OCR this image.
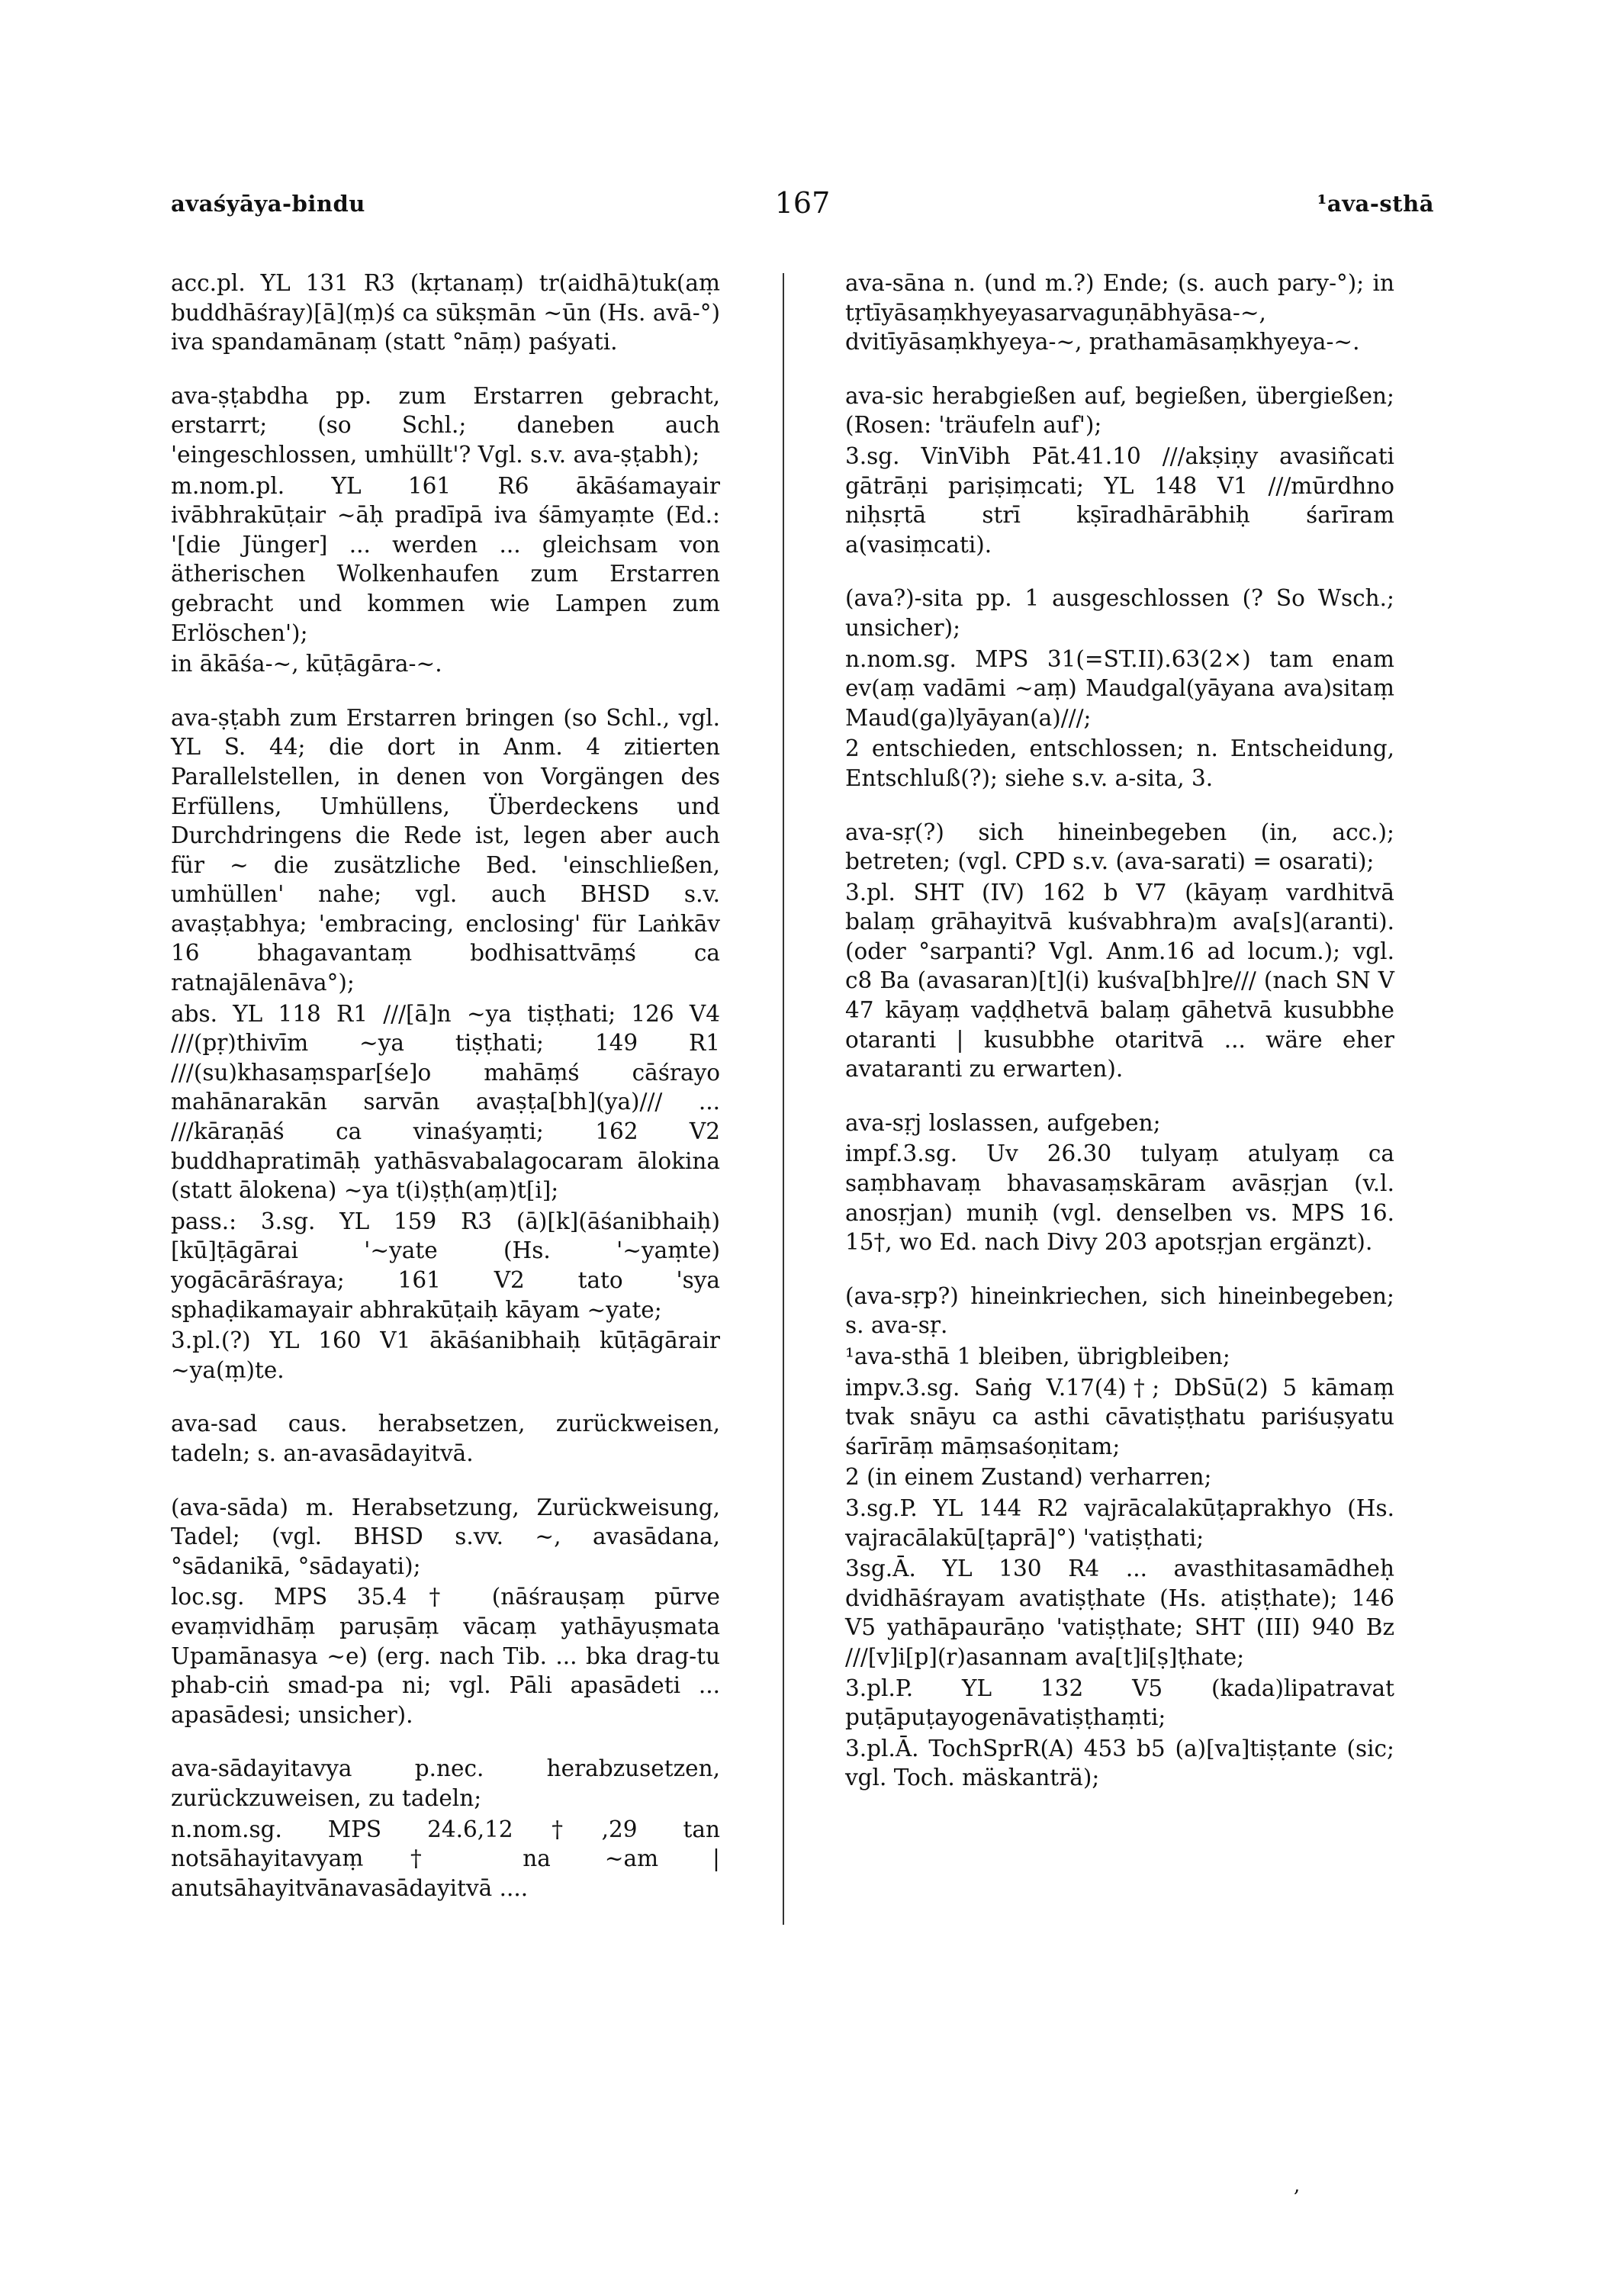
avaśyāya-bindu	167	¹ava-sthā

acc.pl. YL 131 R3 (kṛtanaṃ) tr(aidhā)tuk(aṃ buddhāśray)[ā](ṃ)ś ca sūkṣmān ~ūn (Hs. avā-°) iva spandamānaṃ (statt °nāṃ) paśyati.

ava-ṣṭabdha pp. zum Erstarren gebracht, erstarrt; (so Schl.; daneben auch 'eingeschlossen, umhüllt'? Vgl. s.v. ava-ṣṭabh);

m.nom.pl. YL 161 R6 ākāśamayair ivābhrakūṭair ~āḥ pradīpā iva śāmyaṃte (Ed.: '[die Jünger] ... werden ... gleichsam von ätherischen Wolkenhaufen zum Erstarren gebracht und kommen wie Lampen zum Erlöschen');

in ākāśa-~, kūṭāgāra-~.

ava-ṣṭabh zum Erstarren bringen (so Schl., vgl. YL S. 44; die dort in Anm. 4 zitierten Parallelstellen, in denen von Vorgängen des Erfüllens, Umhüllens, Überdeckens und Durchdringens die Rede ist, legen aber auch für ~ die zusätzliche Bed. 'einschließen, umhüllen' nahe; vgl. auch BHSD s.v. avaṣṭabhya; 'embracing, enclosing' für Laṅkāv 16 bhagavantaṃ bodhisattvāṃś ca ratnajālenāva°);

abs. YL 118 R1 ///[ā]n ~ya tiṣṭhati; 126 V4 ///(pṛ)thivīm ~ya tiṣṭhati; 149 R1 ///(su)khasaṃspar[śe]o mahāṃś cāśrayo mahānarakān sarvān avaṣṭa[bh](ya)/// ... ///kāraṇāś ca vinaśyaṃti; 162 V2 buddhapratimāḥ yathāsvabalagocaram ālokina (statt ālokena) ~ya t(i)ṣṭh(aṃ)t[i];

pass.: 3.sg. YL 159 R3 (ā)[k](āśanibhaiḥ) [kū]ṭāgārai '~yate (Hs. '~yaṃte) yogācārāśraya; 161 V2 tato 'sya sphaḍikamayair abhrakūṭaiḥ kāyam ~yate;

3.pl.(?) YL 160 V1 ākāśanibhaiḥ kūṭāgārair ~ya(ṃ)te.

ava-sad caus. herabsetzen, zurückweisen, tadeln; s. an-avasādayitvā.

(ava-sāda) m. Herabsetzung, Zurückweisung, Tadel; (vgl. BHSD s.vv. ~, avasādana, °sādanikā, °sādayati);

loc.sg. MPS 35.4† (nāśrauṣaṃ pūrve evaṃvidhāṃ paruṣāṃ vācaṃ yathāyuṣmata Upamānasya ~e) (erg. nach Tib. ... bka drag-tu phab-ciṅ smad-pa ni; vgl. Pāli apasādeti ... apasādesi; unsicher).

ava-sādayitavya p.nec. herabzusetzen, zurückzuweisen, zu tadeln;

n.nom.sg. MPS 24.6,12†,29 tan notsāhayitavyaṃ† na ~am | anutsāhayitvānavasādayitvā ....

ava-sāna n. (und m.?) Ende; (s. auch pary-°); in tṛtīyāsaṃkhyeyasarvaguṇābhyāsa-~, dvitīyāsaṃkhyeya-~, prathamāsaṃkhyeya-~.

ava-sic herabgießen auf, begießen, übergießen; (Rosen: 'träufeln auf');

3.sg. VinVibh Pāt.41.10 ///akṣiṇy avasiñcati gātrāṇi pariṣiṃcati; YL 148 V1 ///mūrdhno niḥsṛtā strī kṣīradhārābhiḥ śarīram a(vasiṃcati).

(ava?)-sita pp. 1 ausgeschlossen (? So Wsch.; unsicher);

n.nom.sg. MPS 31(=ST.II).63(2×) tam enam ev(aṃ vadāmi ~aṃ) Maudgal(yāyana ava)sitaṃ Maud(ga)lyāyan(a)///;

2 entschieden, entschlossen; n. Entscheidung, Entschluß(?); siehe s.v. a-sita, 3.

ava-sṛ(?) sich hineinbegeben (in, acc.); betreten; (vgl. CPD s.v. (ava-sarati) = osarati);

3.pl. SHT (IV) 162 b V7 (kāyaṃ vardhitvā balaṃ grāhayitvā kuśvabhra)m ava[s](aranti). (oder °sarpanti? Vgl. Anm.16 ad locum.); vgl. c8 Ba (avasaran)[t](i) kuśva[bh]re/// (nach SN V 47 kāyaṃ vaḍḍhetvā balaṃ gāhetvā kusubbhe otaranti | kusubbhe otaritvā ... wäre eher avataranti zu erwarten).

ava-sṛj loslassen, aufgeben;

impf.3.sg. Uv 26.30 tulyaṃ atulyaṃ ca saṃbhavaṃ bhavasaṃskāram avāsṛjan (v.l. anosṛjan) muniḥ (vgl. denselben vs. MPS 16. 15†, wo Ed. nach Divy 203 apotsṛjan ergänzt).

(ava-sṛp?) hineinkriechen, sich hineinbegeben; s. ava-sṛ.

¹ava-sthā 1 bleiben, übrigbleiben;

impv.3.sg. Saṅg V.17(4)†; DbSū(2) 5 kāmaṃ tvak snāyu ca asthi cāvatiṣṭhatu pariśuṣyatu śarīrāṃ māṃsaśoṇitam;

2 (in einem Zustand) verharren;

3.sg.P. YL 144 R2 vajrācalakūṭaprakhyo (Hs. vajracālakū[ṭaprā]°) 'vatiṣṭhati;

3sg.Ā. YL 130 R4 ... avasthitasamādheḥ dvidhāśrayam avatiṣṭhate (Hs. atiṣṭhate); 146 V5 yathāpaurāṇo 'vatiṣṭhate; SHT (III) 940 Bz ///[v]i[p](r)asannam ava[t]i[ṣ]ṭhate;

3.pl.P. YL 132 V5 (kada)lipatravat puṭāpuṭayogenāvatiṣṭhaṃti;

3.pl.Ā. TochSprR(A) 453 b5 (a)[va]tiṣṭante (sic; vgl. Toch. mäskanträ);

,
